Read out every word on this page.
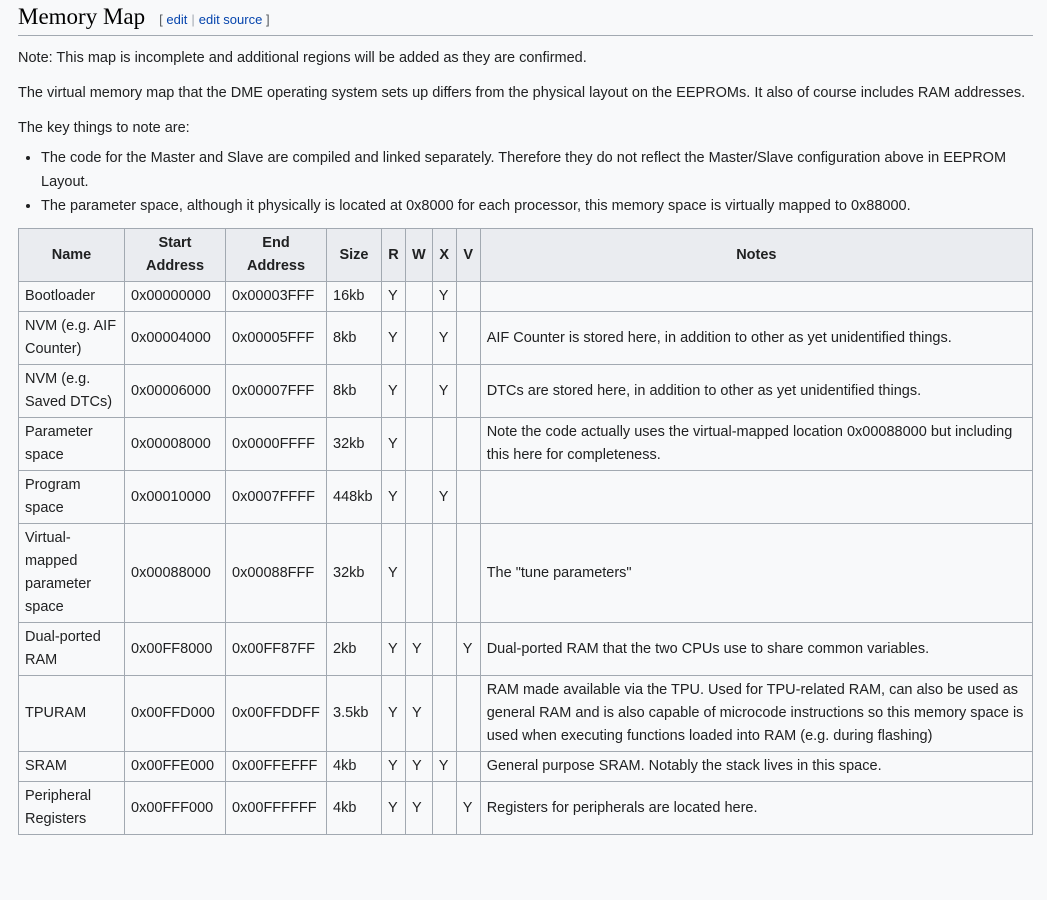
Memory Map [ edit | edit source ]

Note: This map is incomplete and additional regions will be added as they are confirmed.

The virtual memory map that the DME operating system sets up differs from the physical layout on the EEPROMs. It also of course includes RAM addresses.

The key things to note are:

• The code for the Master and Slave are compiled and linked separately. Therefore they do not reflect the Master/Slave configuration above in EEPROM Layout.
• The parameter space, although it physically is located at 0x8000 for each processor, this memory space is virtually mapped to 0x88000.
Name	Start Address	End Address	Size	R	W	X	V	Notes
Bootloader	0x00000000	0x00003FFF	16kb	Y		Y		
NVM (e.g. AIF Counter)	0x00004000	0x00005FFF	8kb	Y		Y		AIF Counter is stored here, in addition to other as yet unidentified things.
NVM (e.g. Saved DTCs)	0x00006000	0x00007FFF	8kb	Y		Y		DTCs are stored here, in addition to other as yet unidentified things.
Parameter space	0x00008000	0x0000FFFF	32kb	Y				Note the code actually uses the virtual-mapped location 0x00088000 but including this here for completeness.
Program space	0x00010000	0x0007FFFF	448kb	Y		Y		
Virtual-mapped parameter space	0x00088000	0x00088FFF	32kb	Y				The "tune parameters"
Dual-ported RAM	0x00FF8000	0x00FF87FF	2kb	Y	Y		Y	Dual-ported RAM that the two CPUs use to share common variables.
TPURAM	0x00FFD000	0x00FFDDFF	3.5kb	Y	Y			RAM made available via the TPU. Used for TPU-related RAM, can also be used as general RAM and is also capable of microcode instructions so this memory space is used when executing functions loaded into RAM (e.g. during flashing)
SRAM	0x00FFE000	0x00FFEFFF	4kb	Y	Y	Y		General purpose SRAM. Notably the stack lives in this space.
Peripheral Registers	0x00FFF000	0x00FFFFFF	4kb	Y	Y		Y	Registers for peripherals are located here.
